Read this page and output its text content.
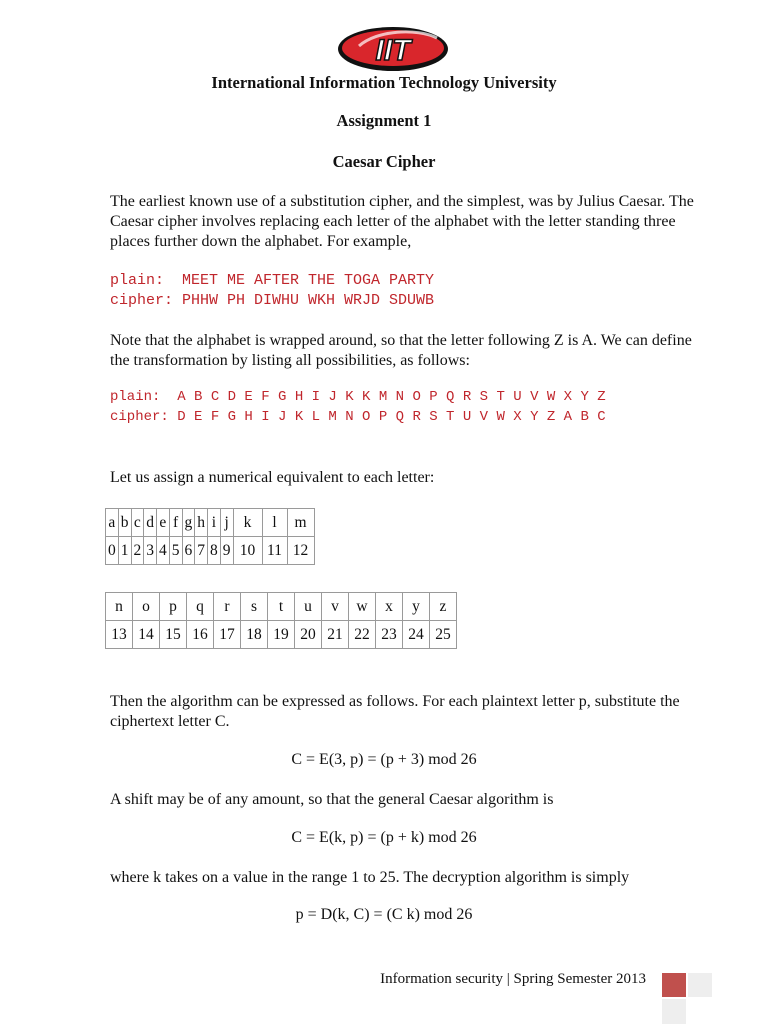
IIT
International Information Technology University
Assignment 1
Caesar Cipher

The earliest known use of a substitution cipher, and the simplest, was by Julius Caesar. The Caesar cipher involves replacing each letter of the alphabet with the letter standing three places further down the alphabet. For example,

plain:  MEET ME AFTER THE TOGA PARTY
cipher: PHHW PH DIWHU WKH WRJD SDUWB

Note that the alphabet is wrapped around, so that the letter following Z is A. We can define the transformation by listing all possibilities, as follows:

plain:  A B C D E F G H I J K K M N O P Q R S T U V W X Y Z
cipher: D E F G H I J K L M N O P Q R S T U V W X Y Z A B C

Let us assign a numerical equivalent to each letter:

a	b	c	d	e	f	g	h	i	j	k	l	m
0	1	2	3	4	5	6	7	8	9	10	11	12
n	o	p	q	r	s	t	u	v	w	x	y	z
13	14	15	16	17	18	19	20	21	22	23	24	25

Then the algorithm can be expressed as follows. For each plaintext letter p, substitute the ciphertext letter C.

C = E(3, p) = (p + 3) mod 26

A shift may be of any amount, so that the general Caesar algorithm is

C = E(k, p) = (p + k) mod 26

where k takes on a value in the range 1 to 25. The decryption algorithm is simply

p = D(k, C) = (C k) mod 26
Information security | Spring Semester 2013
